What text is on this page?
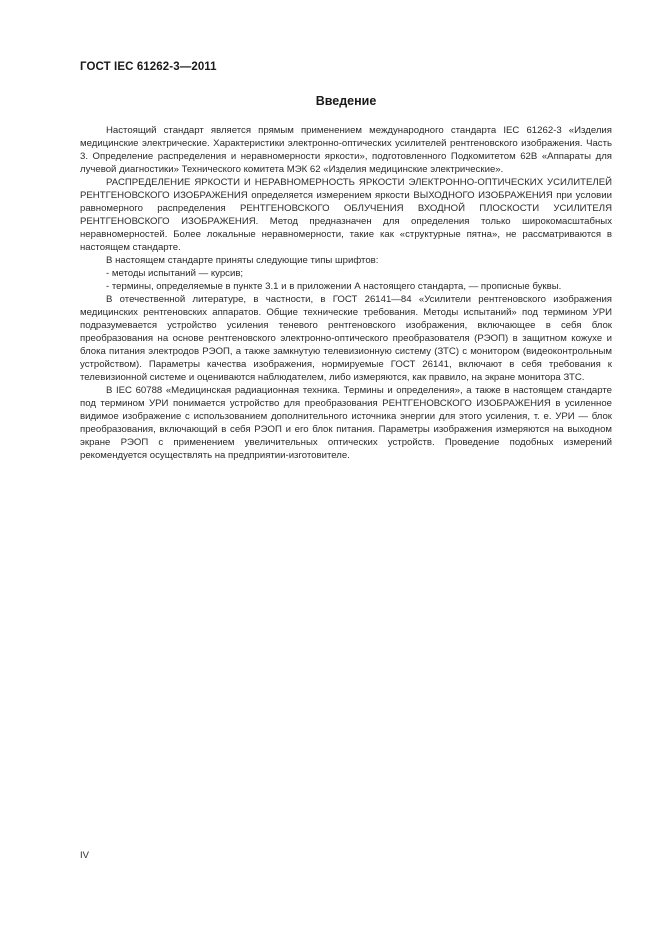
ГОСТ IEC 61262-3—2011
Введение

Настоящий стандарт является прямым применением международного стандарта IEC 61262-3 «Изделия медицинские электрические. Характеристики электронно-оптических усилителей рентгеновского изображения. Часть 3. Определение распределения и неравномерности яркости», подготовленного Подкомитетом 62В «Аппараты для лучевой диагностики» Технического комитета МЭК 62 «Изделия медицинские электрические».

РАСПРЕДЕЛЕНИЕ ЯРКОСТИ И НЕРАВНОМЕРНОСТЬ ЯРКОСТИ ЭЛЕКТРОННО-ОПТИЧЕСКИХ УСИЛИТЕЛЕЙ РЕНТГЕНОВСКОГО ИЗОБРАЖЕНИЯ определяется измерением яркости ВЫХОДНОГО ИЗОБРАЖЕНИЯ при условии равномерного распределения РЕНТГЕНОВСКОГО ОБЛУЧЕНИЯ ВХОДНОЙ ПЛОСКОСТИ УСИЛИТЕЛЯ РЕНТГЕНОВСКОГО ИЗОБРАЖЕНИЯ. Метод предназначен для определения только широкомасштабных неравномерностей. Более локальные неравномерности, такие как «структурные пятна», не рассматриваются в настоящем стандарте.

В настоящем стандарте приняты следующие типы шрифтов:

- методы испытаний — курсив;

- термины, определяемые в пункте 3.1 и в приложении А настоящего стандарта, — прописные буквы.

В отечественной литературе, в частности, в ГОСТ 26141—84 «Усилители рентгеновского изображения медицинских рентгеновских аппаратов. Общие технические требования. Методы испытаний» под термином УРИ подразумевается устройство усиления теневого рентгеновского изображения, включающее в себя блок преобразования на основе рентгеновского электронно-оптического преобразователя (РЭОП) в защитном кожухе и блока питания электродов РЭОП, а также замкнутую телевизионную систему (ЗТС) с монитором (видеоконтрольным устройством). Параметры качества изображения, нормируемые ГОСТ 26141, включают в себя требования к телевизионной системе и оцениваются наблюдателем, либо измеряются, как правило, на экране монитора ЗТС.

В IEC 60788 «Медицинская радиационная техника. Термины и определения», а также в настоящем стандарте под термином УРИ понимается устройство для преобразования РЕНТГЕНОВСКОГО ИЗОБРАЖЕНИЯ в усиленное видимое изображение с использованием дополнительного источника энергии для этого усиления, т. е. УРИ — блок преобразования, включающий в себя РЭОП и его блок питания. Параметры изображения измеряются на выходном экране РЭОП с применением увеличительных оптических устройств. Проведение подобных измерений рекомендуется осуществлять на предприятии-изготовителе.

IV
